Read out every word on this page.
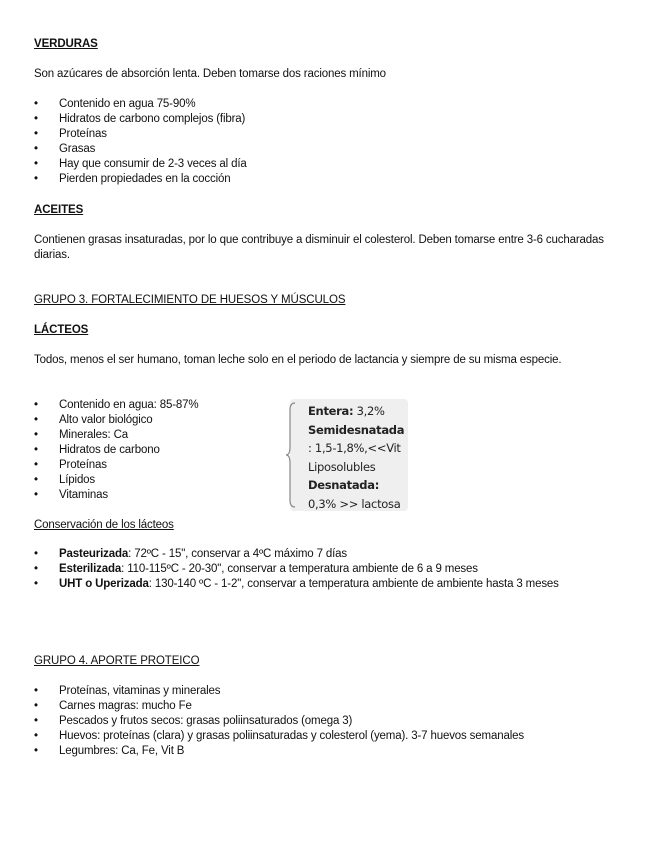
VERDURAS
Son azúcares de absorción lenta. Deben tomarse dos raciones mínimo
• Contenido en agua 75-90%
• Hidratos de carbono complejos (fibra)
• Proteínas
• Grasas
• Hay que consumir de 2-3 veces al día
• Pierden propiedades en la cocción
ACEITES
Contienen grasas insaturadas, por lo que contribuye a disminuir el colesterol. Deben tomarse entre 3-6 cucharadas diarias.
GRUPO 3. FORTALECIMIENTO DE HUESOS Y MÚSCULOS
LÁCTEOS
Todos, menos el ser humano, toman leche solo en el periodo de lactancia y siempre de su misma especie.
• Contenido en agua: 85-87%
• Alto valor biológico
• Minerales: Ca
• Hidratos de carbono
• Proteínas
• Lípidos
• Vitaminas
Entera: 3,2%
Semidesnatada
: 1,5-1,8%,<<Vit
Liposolubles
Desnatada:
0,3% >> lactosa
Conservación de los lácteos
• Pasteurizada: 72ºC - 15", conservar a 4ºC máximo 7 días
• Esterilizada: 110-115ºC - 20-30", conservar a temperatura ambiente de 6 a 9 meses
• UHT o Uperizada: 130-140 ºC - 1-2", conservar a temperatura ambiente de ambiente hasta 3 meses
GRUPO 4. APORTE PROTEICO
• Proteínas, vitaminas y minerales
• Carnes magras: mucho Fe
• Pescados y frutos secos: grasas poliinsaturados (omega 3)
• Huevos: proteínas (clara) y grasas poliinsaturadas y colesterol (yema). 3-7 huevos semanales
• Legumbres: Ca, Fe, Vit B
